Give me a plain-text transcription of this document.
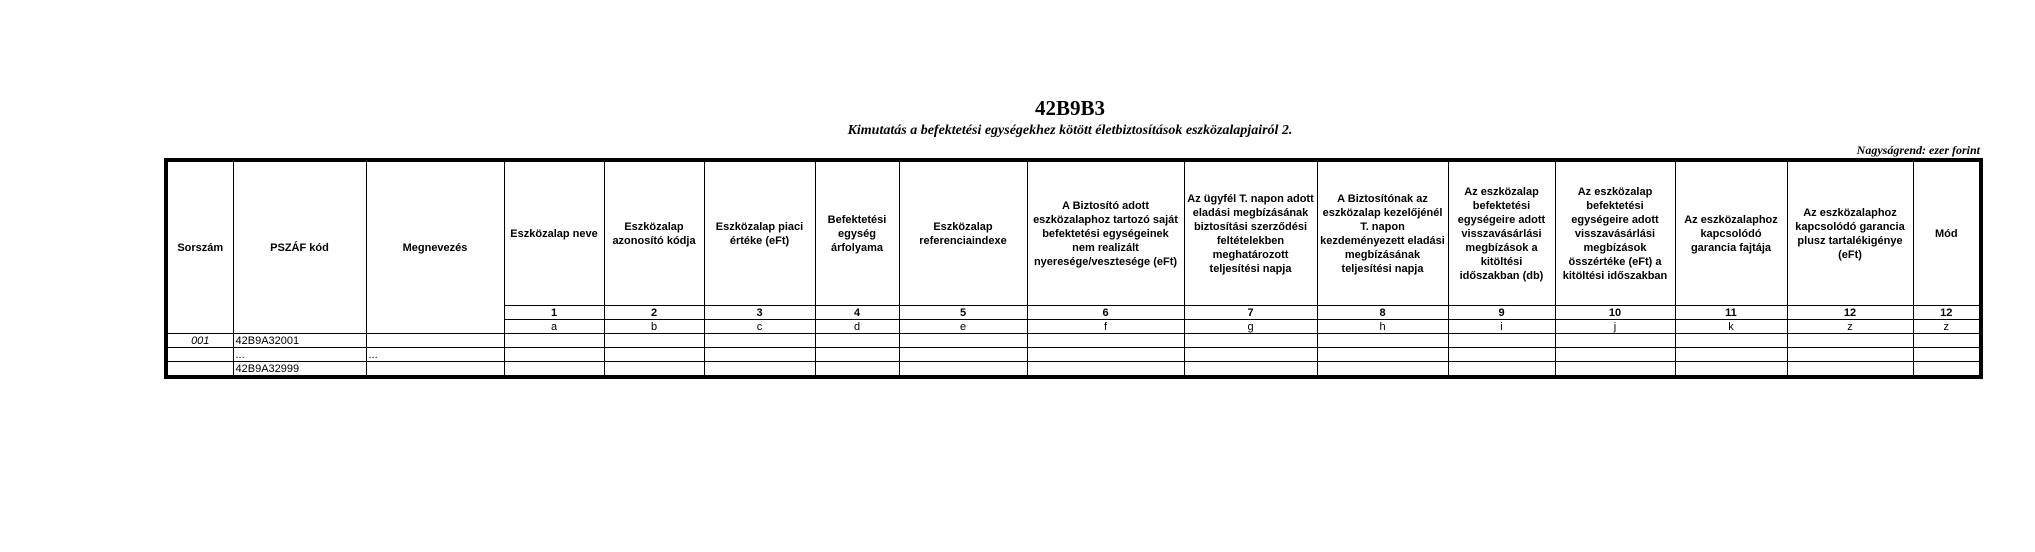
42B9B3
Kimutatás a befektetési egységekhez kötött életbiztosítások eszközalapjairól 2.
Nagyságrend: ezer forint
Sorszám	PSZÁF kód	Megnevezés	Eszközalap neve	Eszközalap azonosító kódja	Eszközalap piaci értéke (eFt)	Befektetési egység árfolyama	Eszközalap referenciaindexe	A Biztosító adott eszközalaphoz tartozó saját befektetési egységeinek nem realizált nyeresége/vesztesége (eFt)	Az ügyfél T. napon adott eladási megbízásának biztosítási szerződési feltételekben meghatározott teljesítési napja	A Biztosítónak az eszközalap kezelőjénél T. napon kezdeményezett eladási megbízásának teljesítési napja	Az eszközalap befektetési egységeire adott visszavásárlási megbízások a kitöltési időszakban (db)	Az eszközalap befektetési egységeire adott visszavásárlási megbízások összértéke (eFt) a kitöltési időszakban	Az eszközalaphoz kapcsolódó garancia fajtája	Az eszközalaphoz kapcsolódó garancia plusz tartalékigénye (eFt)	Mód
			1	2	3	4	5	6	7	8	9	10	11	12	12
			a	b	c	d	e	f	g	h	i	j	k	z	z
001	42B9A32001														
	...	...													
	42B9A32999														
